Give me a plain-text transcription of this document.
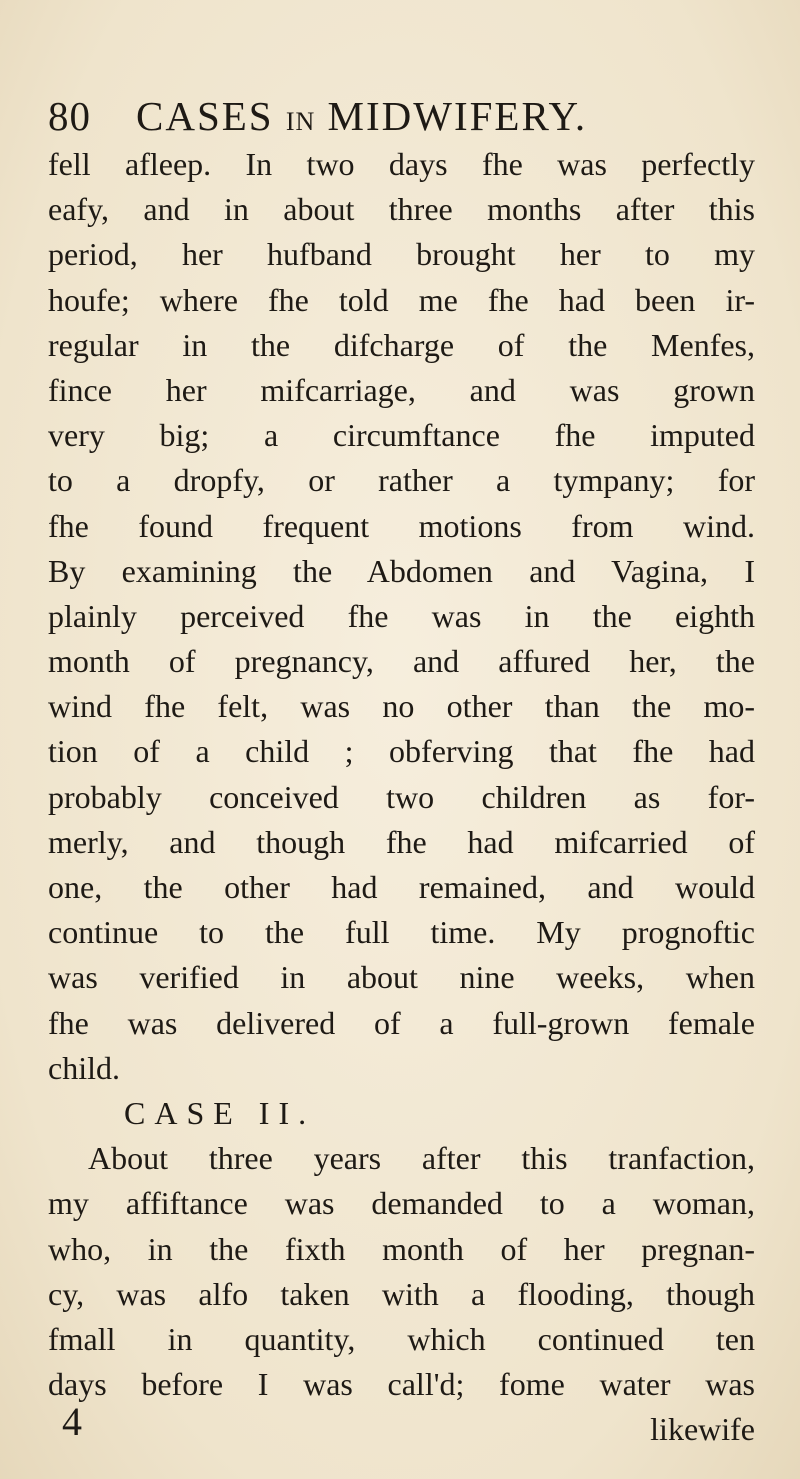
80 CASES IN MIDWIFERY.
fell afleep. In two days fhe was perfectly
eafy, and in about three months after this
period, her hufband brought her to my
houfe; where fhe told me fhe had been ir-
regular in the difcharge of the Menfes,
fince her mifcarriage, and was grown
very big; a circumftance fhe imputed
to a dropfy, or rather a tympany; for
fhe found frequent motions from wind.
By examining the Abdomen and Vagina, I
plainly perceived fhe was in the eighth
month of pregnancy, and affured her, the
wind fhe felt, was no other than the mo-
tion of a child ; obferving that fhe had
probably conceived two children as for-
merly, and though fhe had mifcarried of
one, the other had remained, and would
continue to the full time. My prognoftic
was verified in about nine weeks, when
fhe was delivered of a full-grown female
child.
CASE II.
About three years after this tranfaction,
my affiftance was demanded to a woman,
who, in the fixth month of her pregnan-
cy, was alfo taken with a flooding, though
fmall in quantity, which continued ten
days before I was call'd; fome water was
likewife
4
